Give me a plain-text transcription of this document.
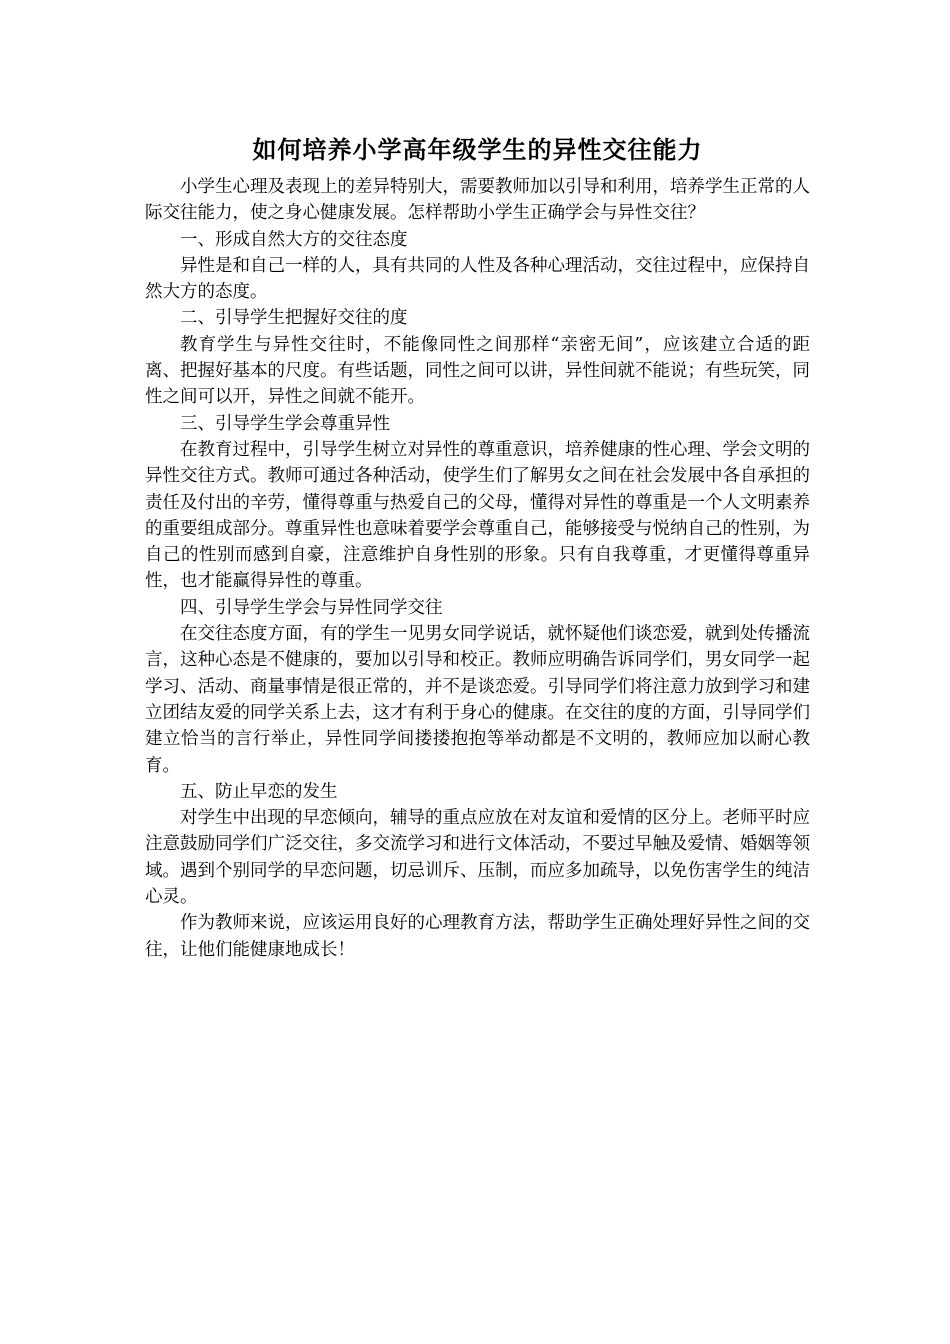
如何培养小学高年级学生的异性交往能力

小学生心理及表现上的差异特别大，需要教师加以引导和利用，培养学生正常的人际交往能力，使之身心健康发展。怎样帮助小学生正确学会与异性交往？

一、形成自然大方的交往态度

异性是和自己一样的人，具有共同的人性及各种心理活动，交往过程中，应保持自然大方的态度。

二、引导学生把握好交往的度

教育学生与异性交往时，不能像同性之间那样“亲密无间”，应该建立合适的距离、把握好基本的尺度。有些话题，同性之间可以讲，异性间就不能说；有些玩笑，同性之间可以开，异性之间就不能开。

三、引导学生学会尊重异性

在教育过程中，引导学生树立对异性的尊重意识，培养健康的性心理、学会文明的异性交往方式。教师可通过各种活动，使学生们了解男女之间在社会发展中各自承担的责任及付出的辛劳，懂得尊重与热爱自己的父母，懂得对异性的尊重是一个人文明素养的重要组成部分。尊重异性也意味着要学会尊重自己，能够接受与悦纳自己的性别，为自己的性别而感到自豪，注意维护自身性别的形象。只有自我尊重，才更懂得尊重异性，也才能赢得异性的尊重。

四、引导学生学会与异性同学交往

在交往态度方面，有的学生一见男女同学说话，就怀疑他们谈恋爱，就到处传播流言，这种心态是不健康的，要加以引导和校正。教师应明确告诉同学们，男女同学一起学习、活动、商量事情是很正常的，并不是谈恋爱。引导同学们将注意力放到学习和建立团结友爱的同学关系上去，这才有利于身心的健康。在交往的度的方面，引导同学们建立恰当的言行举止，异性同学间搂搂抱抱等举动都是不文明的，教师应加以耐心教育。

五、防止早恋的发生

对学生中出现的早恋倾向，辅导的重点应放在对友谊和爱情的区分上。老师平时应注意鼓励同学们广泛交往，多交流学习和进行文体活动，不要过早触及爱情、婚姻等领域。遇到个别同学的早恋问题，切忌训斥、压制，而应多加疏导，以免伤害学生的纯洁心灵。

作为教师来说，应该运用良好的心理教育方法，帮助学生正确处理好异性之间的交往，让他们能健康地成长！
